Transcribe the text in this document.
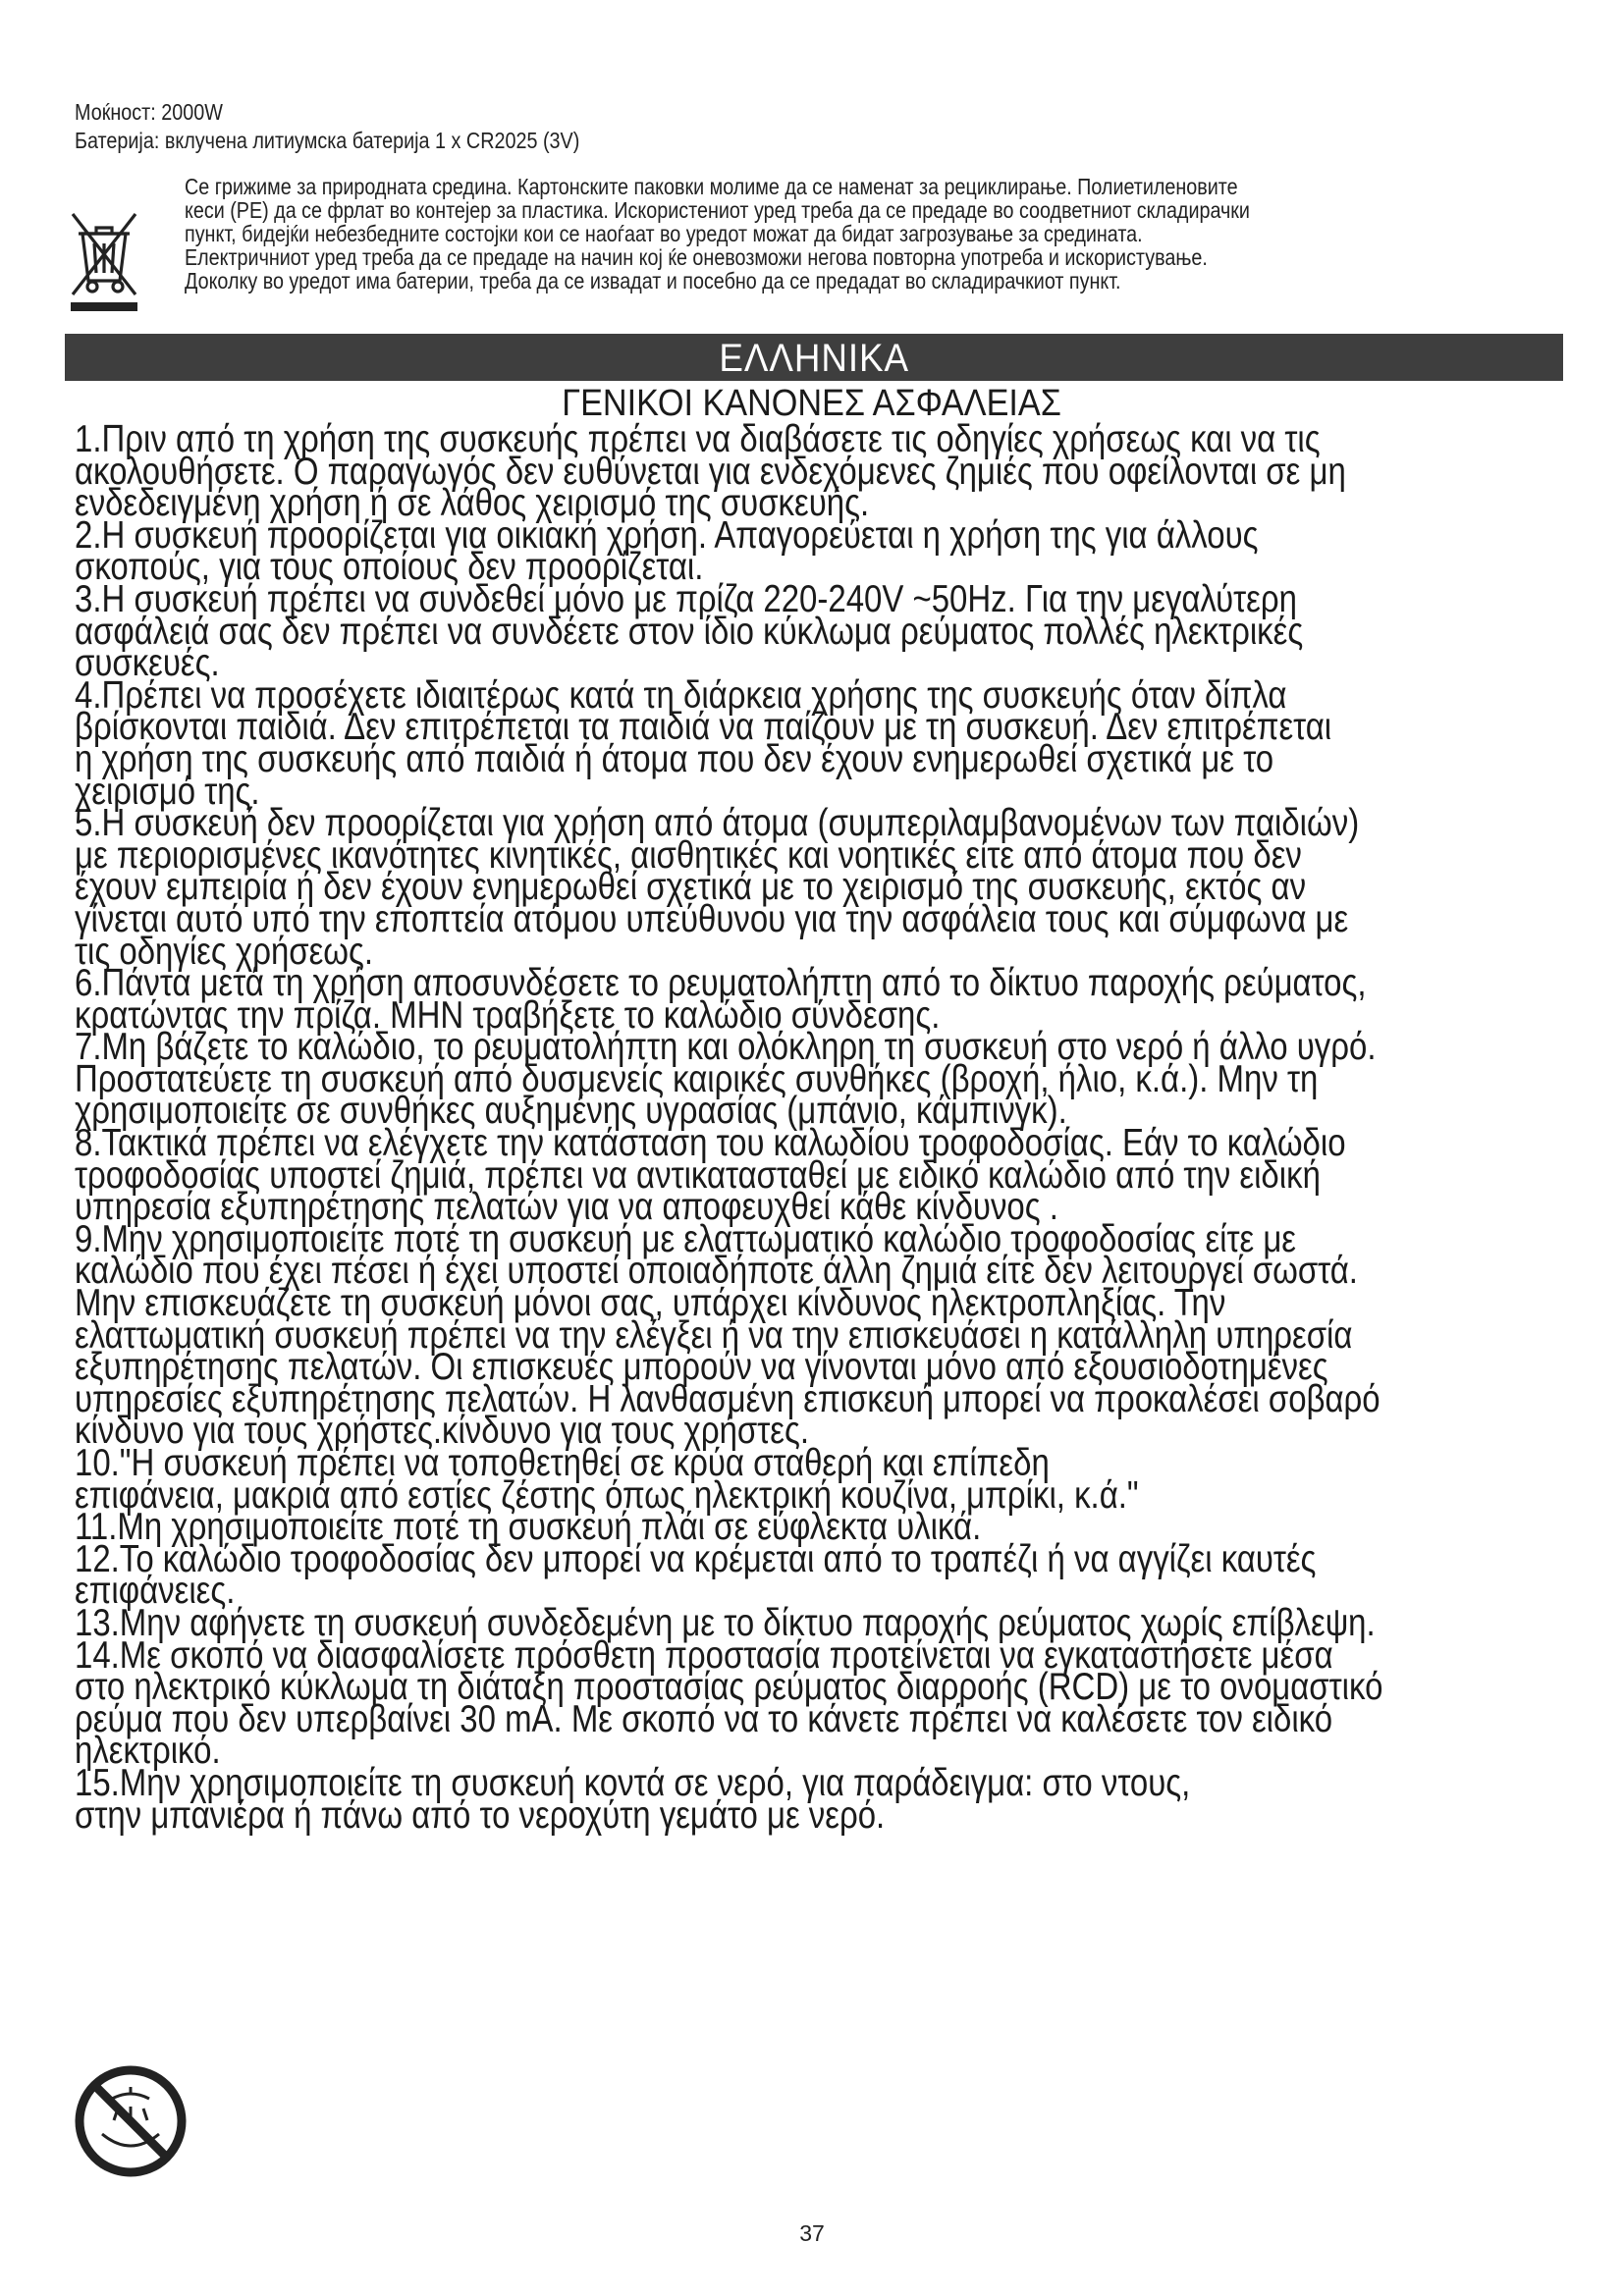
Моќност: 2000W
Батерија: вклучена литиумска батерија 1 x CR2025 (3V)
Се грижиме за природната средина. Картонските паковки молиме да се наменат за рециклирање. Полиетиленовите
кеси (PE) да се фрлат во контејер за пластика. Искористениот уред треба да се предаде во соодветниот складирачки
пункт, бидејќи небезбедните состојки кои се наоѓаат во уредот можат да бидат загрозување за средината.
Електричниот уред треба да се предаде на начин кој ќе оневозможи негова повторна употреба и искористување.
Доколку во уредот има батерии, треба да се извадат и посебно да се предадат во складирачкиот пункт.
ΕΛΛΗΝΙΚΑ
ΓΕΝΙΚΟΙ ΚΑΝΟΝΕΣ ΑΣΦΑΛΕΙΑΣ
1.Πριν από τη χρήση της συσκευής πρέπει να διαβάσετε τις οδηγίες χρήσεως και να τις
ακολουθήσετε. Ο παραγωγός δεν ευθύνεται για ενδεχόμενες ζημιές που οφείλονται σε μη
ενδεδειγμένη χρήση ή σε λάθος χειρισμό της συσκευής.
2.Η συσκευή προορίζεται για οικιακή χρήση. Απαγορεύεται η χρήση της για άλλους
σκοπούς, για τους οποίους δεν προορίζεται.
3.Η συσκευή πρέπει να συνδεθεί μόνο με πρίζα 220-240V ~50Hz. Για την μεγαλύτερη
ασφάλειά σας δεν πρέπει να συνδέετε στον ίδιο κύκλωμα ρεύματος πολλές ηλεκτρικές
συσκευές.
4.Πρέπει να προσέχετε ιδιαιτέρως κατά τη διάρκεια χρήσης της συσκευής όταν δίπλα
βρίσκονται παιδιά. Δεν επιτρέπεται τα παιδιά να παίζουν με τη συσκευή. Δεν επιτρέπεται
η χρήση της συσκευής από παιδιά ή άτομα που δεν έχουν ενημερωθεί σχετικά με το
χειρισμό της.
5.Η συσκευή δεν προορίζεται για χρήση από άτομα (συμπεριλαμβανομένων των παιδιών)
με περιορισμένες ικανότητες κινητικές, αισθητικές και νοητικές είτε από άτομα που δεν
έχουν εμπειρία ή δεν έχουν ενημερωθεί σχετικά με το χειρισμό της συσκευής, εκτός αν
γίνεται αυτό υπό την εποπτεία ατόμου υπεύθυνου για την ασφάλεια τους και σύμφωνα με
τις οδηγίες χρήσεως.
6.Πάντα μετά τη χρήση αποσυνδέσετε το ρευματολήπτη από το δίκτυο παροχής ρεύματος,
κρατώντας την πρίζα. ΜΗΝ τραβήξετε το καλώδιο σύνδεσης.
7.Μη βάζετε το καλώδιο, το ρευματολήπτη και ολόκληρη τη συσκευή στο νερό ή άλλο υγρό.
Προστατεύετε τη συσκευή από δυσμενείς καιρικές συνθήκες (βροχή, ήλιο, κ.ά.). Μην τη
χρησιμοποιείτε σε συνθήκες αυξημένης υγρασίας (μπάνιο, κάμπινγκ).
8.Τακτικά πρέπει να ελέγχετε την κατάσταση του καλωδίου τροφοδοσίας. Εάν το καλώδιο
τροφοδοσίας υποστεί ζημιά, πρέπει να αντικατασταθεί με ειδικό καλώδιο από την ειδική
υπηρεσία εξυπηρέτησης πελατών για να αποφευχθεί κάθε κίνδυνος .
9.Μην χρησιμοποιείτε ποτέ τη συσκευή με ελαττωματικό καλώδιο τροφοδοσίας είτε με
καλώδιο που έχει πέσει ή έχει υποστεί οποιαδήποτε άλλη ζημιά είτε δεν λειτουργεί σωστά.
Μην επισκευάζετε τη συσκευή μόνοι σας, υπάρχει κίνδυνος ηλεκτροπληξίας. Την
ελαττωματική συσκευή πρέπει να την ελέγξει ή να την επισκευάσει η κατάλληλη υπηρεσία
εξυπηρέτησης πελατών. Οι επισκευές μπορούν να γίνονται μόνο από εξουσιοδοτημένες
υπηρεσίες εξυπηρέτησης πελατών. Η λανθασμένη επισκευή μπορεί να προκαλέσει σοβαρό
κίνδυνο για τους χρήστες.κίνδυνο για τους χρήστες.
10."Η συσκευή πρέπει να τοποθετηθεί σε κρύα σταθερή και επίπεδη
επιφάνεια, μακριά από εστίες ζέστης όπως ηλεκτρική κουζίνα, μπρίκι, κ.ά."
11.Μη χρησιμοποιείτε ποτέ τη συσκευή πλάι σε εύφλεκτα υλικά.
12.Το καλώδιο τροφοδοσίας δεν μπορεί να κρέμεται από το τραπέζι ή να αγγίζει καυτές
επιφάνειες.
13.Μην αφήνετε τη συσκευή συνδεδεμένη με το δίκτυο παροχής ρεύματος χωρίς επίβλεψη.
14.Με σκοπό να διασφαλίσετε πρόσθετη προστασία προτείνεται να εγκαταστήσετε μέσα
στο ηλεκτρικό κύκλωμα τη διάταξη προστασίας ρεύματος διαρροής (RCD) με το ονομαστικό
ρεύμα που δεν υπερβαίνει 30 mA. Με σκοπό να το κάνετε πρέπει να καλέσετε τον ειδικό
ηλεκτρικό.
15.Μην χρησιμοποιείτε τη συσκευή κοντά σε νερό, για παράδειγμα: στο ντους,
στην μπανιέρα ή πάνω από το νεροχύτη γεμάτο με νερό.
37
